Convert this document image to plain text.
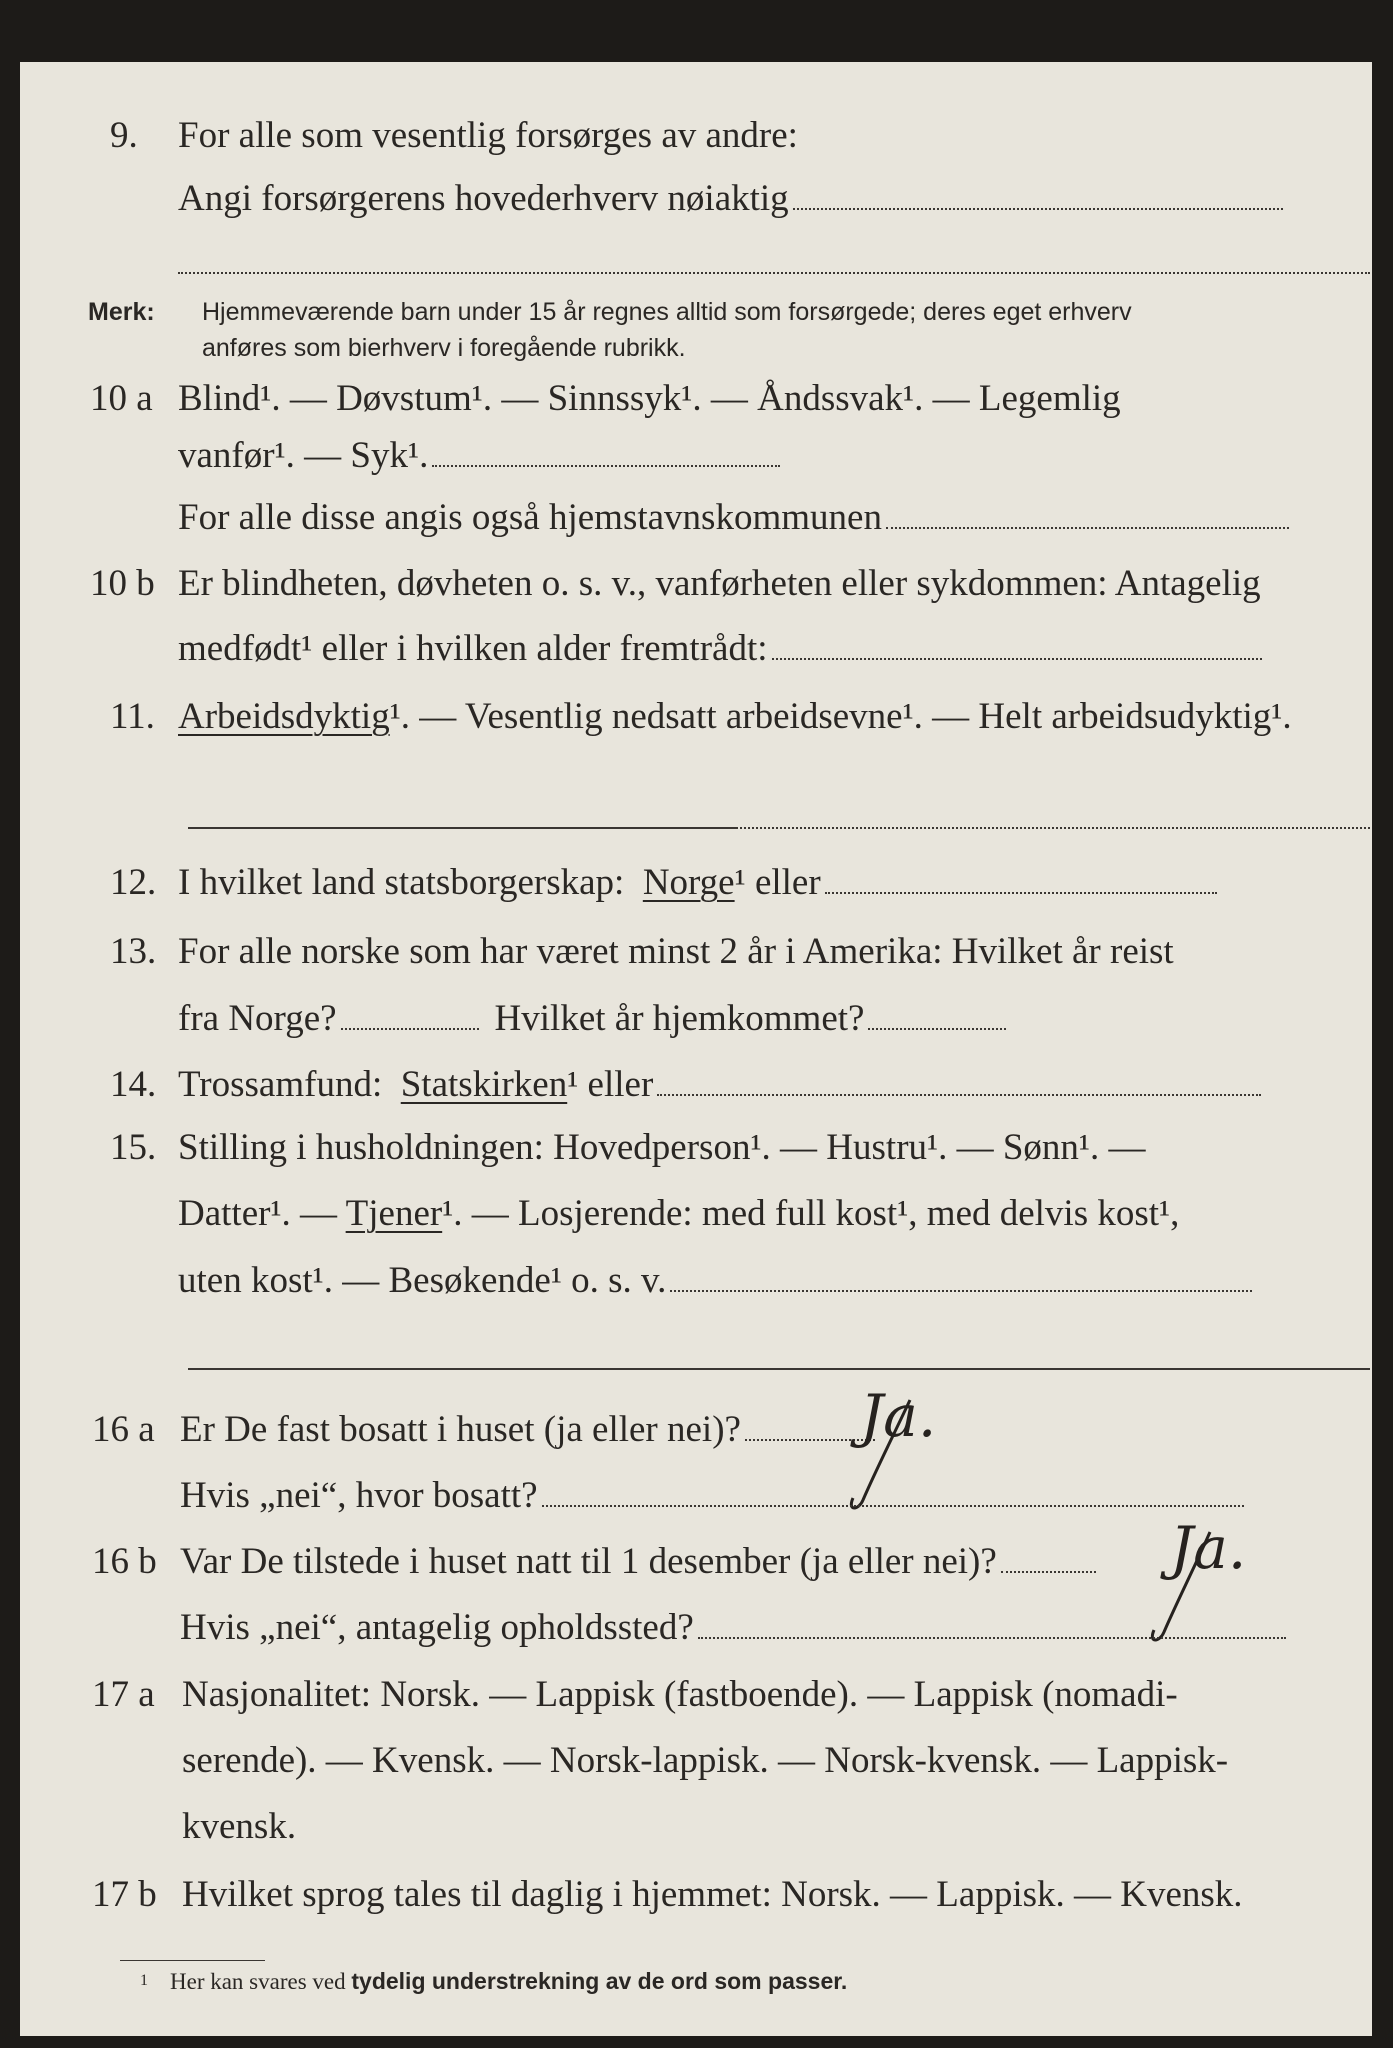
9. For alle som vesentlig forsørges av andre:
Angi forsørgerens hovederhverv nøiaktig
Merk: Hjemmeværende barn under 15 år regnes alltid som forsørgede; deres eget erhverv
anføres som bierhverv i foregående rubrikk.
10 a Blind¹. — Døvstum¹. — Sinnssyk¹. — Åndssvak¹. — Legemlig
vanfør¹. — Syk¹.
For alle disse angis også hjemstavnskommunen
10 b Er blindheten, døvheten o. s. v., vanførheten eller sykdommen: Antagelig
medfødt¹ eller i hvilken alder fremtrådt:
11. Arbeidsdyktig¹. — Vesentlig nedsatt arbeidsevne¹. — Helt arbeidsudyktig¹.
12. I hvilket land statsborgerskap: Norge¹ eller
13. For alle norske som har været minst 2 år i Amerika: Hvilket år reist
fra Norge?	Hvilket år hjemkommet?
14. Trossamfund: Statskirken¹ eller
15. Stilling i husholdningen: Hovedperson¹. — Hustru¹. — Sønn¹. —
Datter¹. — Tjener¹. — Losjerende: med full kost¹, med delvis kost¹,
uten kost¹. — Besøkende¹ o. s. v.
16 a Er De fast bosatt i huset (ja eller nei)?	Ja.
Hvis „nei“, hvor bosatt?
16 b Var De tilstede i huset natt til 1 desember (ja eller nei)?	Ja.
Hvis „nei“, antagelig opholdssted?
17 a Nasjonalitet: Norsk. — Lappisk (fastboende). — Lappisk (nomadi-
serende). — Kvensk. — Norsk-lappisk. — Norsk-kvensk. — Lappisk-
kvensk.
17 b Hvilket sprog tales til daglig i hjemmet: Norsk. — Lappisk. — Kvensk.
1 Her kan svares ved tydelig understrekning av de ord som passer.
